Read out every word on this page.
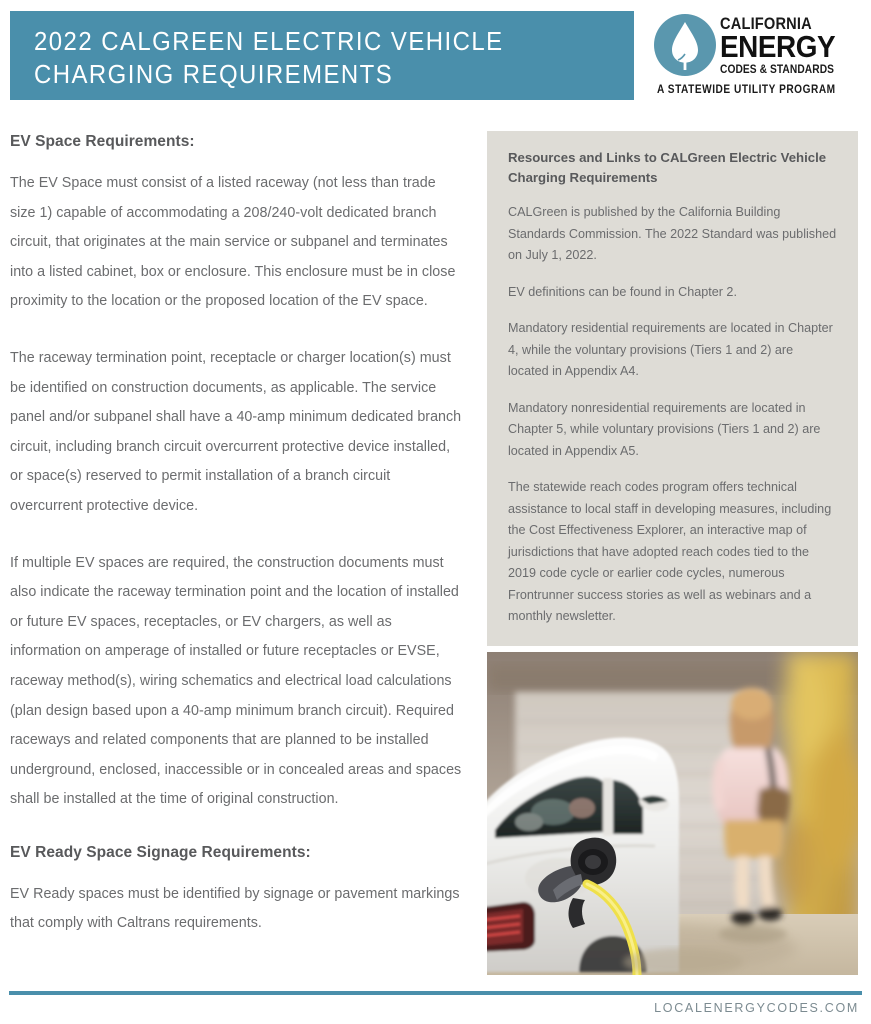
2022 CALGREEN ELECTRIC VEHICLE
CHARGING REQUIREMENTS
CALIFORNIA
ENERGY
CODES & STANDARDS
A STATEWIDE UTILITY PROGRAM
EV Space Requirements:

The EV Space must consist of a listed raceway (not less than trade size 1) capable of accommodating a 208/240-volt dedicated branch circuit, that originates at the main service or subpanel and terminates into a listed cabinet, box or enclosure. This enclosure must be in close proximity to the location or the proposed location of the EV space.

The raceway termination point, receptacle or charger location(s) must be identified on construction documents, as applicable. The service panel and/or subpanel shall have a 40-amp minimum dedicated branch circuit, including branch circuit overcurrent protective device installed, or space(s) reserved to permit installation of a branch circuit overcurrent protective device.

If multiple EV spaces are required, the construction documents must also indicate the raceway termination point and the location of installed or future EV spaces, receptacles, or EV chargers, as well as information on amperage of installed or future receptacles or EVSE, raceway method(s), wiring schematics and electrical load calculations (plan design based upon a 40-amp minimum branch circuit). Required raceways and related components that are planned to be installed underground, enclosed, inaccessible or in concealed areas and spaces shall be installed at the time of original construction.

EV Ready Space Signage Requirements:

EV Ready spaces must be identified by signage or pavement markings that comply with Caltrans requirements.

Resources and Links to CALGreen Electric Vehicle Charging Requirements

CALGreen is published by the California Building Standards Commission. The 2022 Standard was published on July 1, 2022.

EV definitions can be found in Chapter 2.

Mandatory residential requirements are located in Chapter 4, while the voluntary provisions (Tiers 1 and 2) are located in Appendix A4.

Mandatory nonresidential requirements are located in Chapter 5, while voluntary provisions (Tiers 1 and 2) are located in Appendix A5.

The statewide reach codes program offers technical assistance to local staff in developing measures, including the Cost Effectiveness Explorer, an interactive map of jurisdictions that have adopted reach codes tied to the 2019 code cycle or earlier code cycles, numerous Frontrunner success stories as well as webinars and a monthly newsletter.

LOCALENERGYCODES.COM
